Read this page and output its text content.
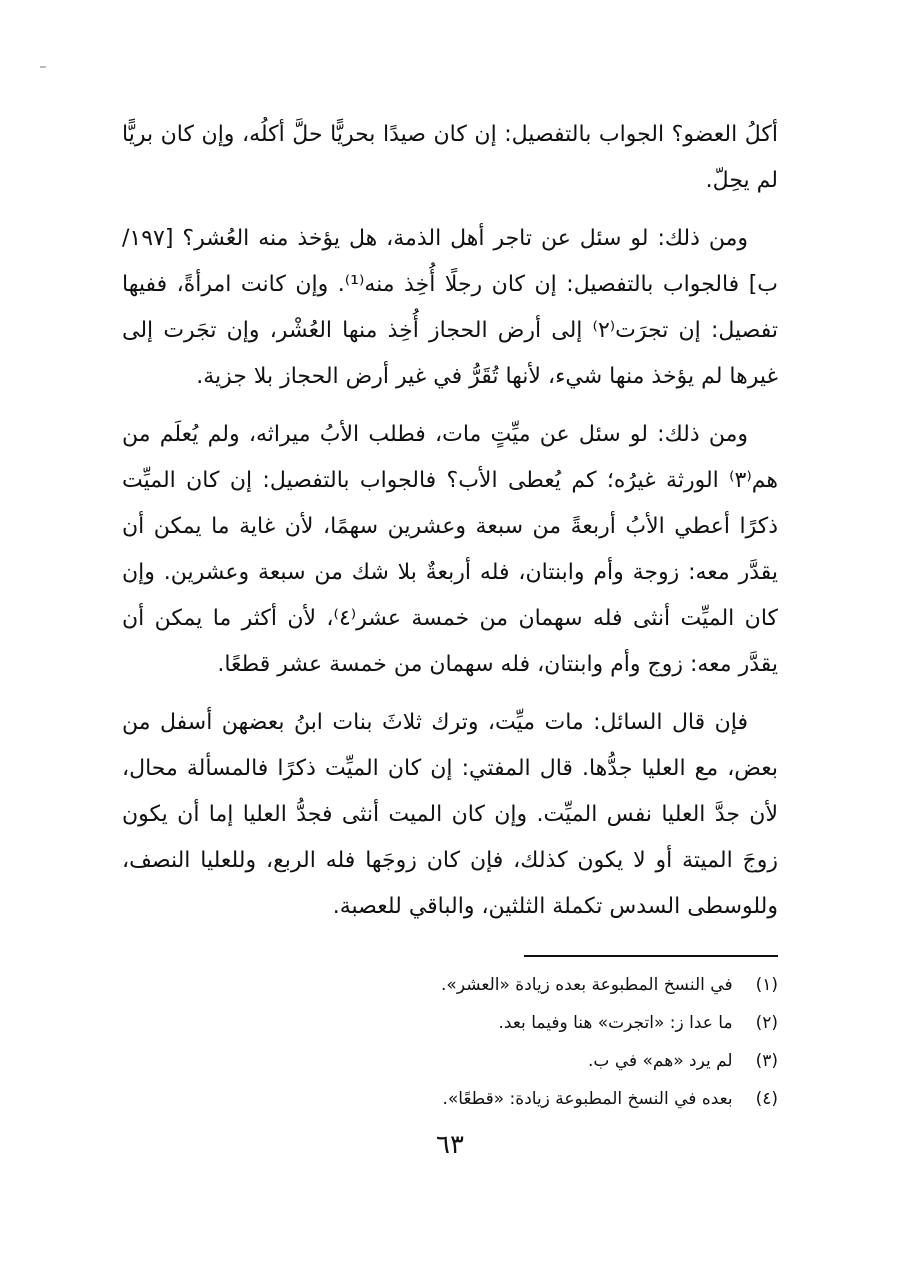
أكلُ العضو؟ الجواب بالتفصيل: إن كان صيدًا بحريًّا حلَّ أكلُه، وإن كان بريًّا لم يحِلّ.

ومن ذلك: لو سئل عن تاجر أهل الذمة، هل يؤخذ منه العُشر؟ [١٩٧/ب] فالجواب بالتفصيل: إن كان رجلًا أُخِذ منه⁽¹⁾. وإن كانت امرأةً، ففيها تفصيل: إن تجرَت⁽٢⁾ إلى أرض الحجاز أُخِذ منها العُشْر، وإن تجَرت إلى غيرها لم يؤخذ منها شيء، لأنها تُقَرُّ في غير أرض الحجاز بلا جزية.

ومن ذلك: لو سئل عن ميِّتٍ مات، فطلب الأبُ ميراثه، ولم يُعلَم من هم⁽٣⁾ الورثة غيرُه؛ كم يُعطى الأب؟ فالجواب بالتفصيل: إن كان الميِّت ذكرًا أعطي الأبُ أربعةً من سبعة وعشرين سهمًا، لأن غاية ما يمكن أن يقدَّر معه: زوجة وأم وابنتان، فله أربعةٌ بلا شك من سبعة وعشرين. وإن كان الميِّت أنثى فله سهمان من خمسة عشر⁽٤⁾، لأن أكثر ما يمكن أن يقدَّر معه: زوج وأم وابنتان، فله سهمان من خمسة عشر قطعًا.

فإن قال السائل: مات ميِّت، وترك ثلاثَ بنات ابنُ بعضهن أسفل من بعض، مع العليا جدُّها. قال المفتي: إن كان الميِّت ذكرًا فالمسألة محال، لأن جدَّ العليا نفس الميِّت. وإن كان الميت أنثى فجدُّ العليا إما أن يكون زوجَ الميتة أو لا يكون كذلك، فإن كان زوجَها فله الربع، وللعليا النصف، وللوسطى السدس تكملة الثلثين، والباقي للعصبة.

(١) في النسخ المطبوعة بعده زيادة «العشر».

(٢) ما عدا ز: «اتجرت» هنا وفيما بعد.

(٣) لم يرد «هم» في ب.

(٤) بعده في النسخ المطبوعة زيادة: «قطعًا».

٦٣
